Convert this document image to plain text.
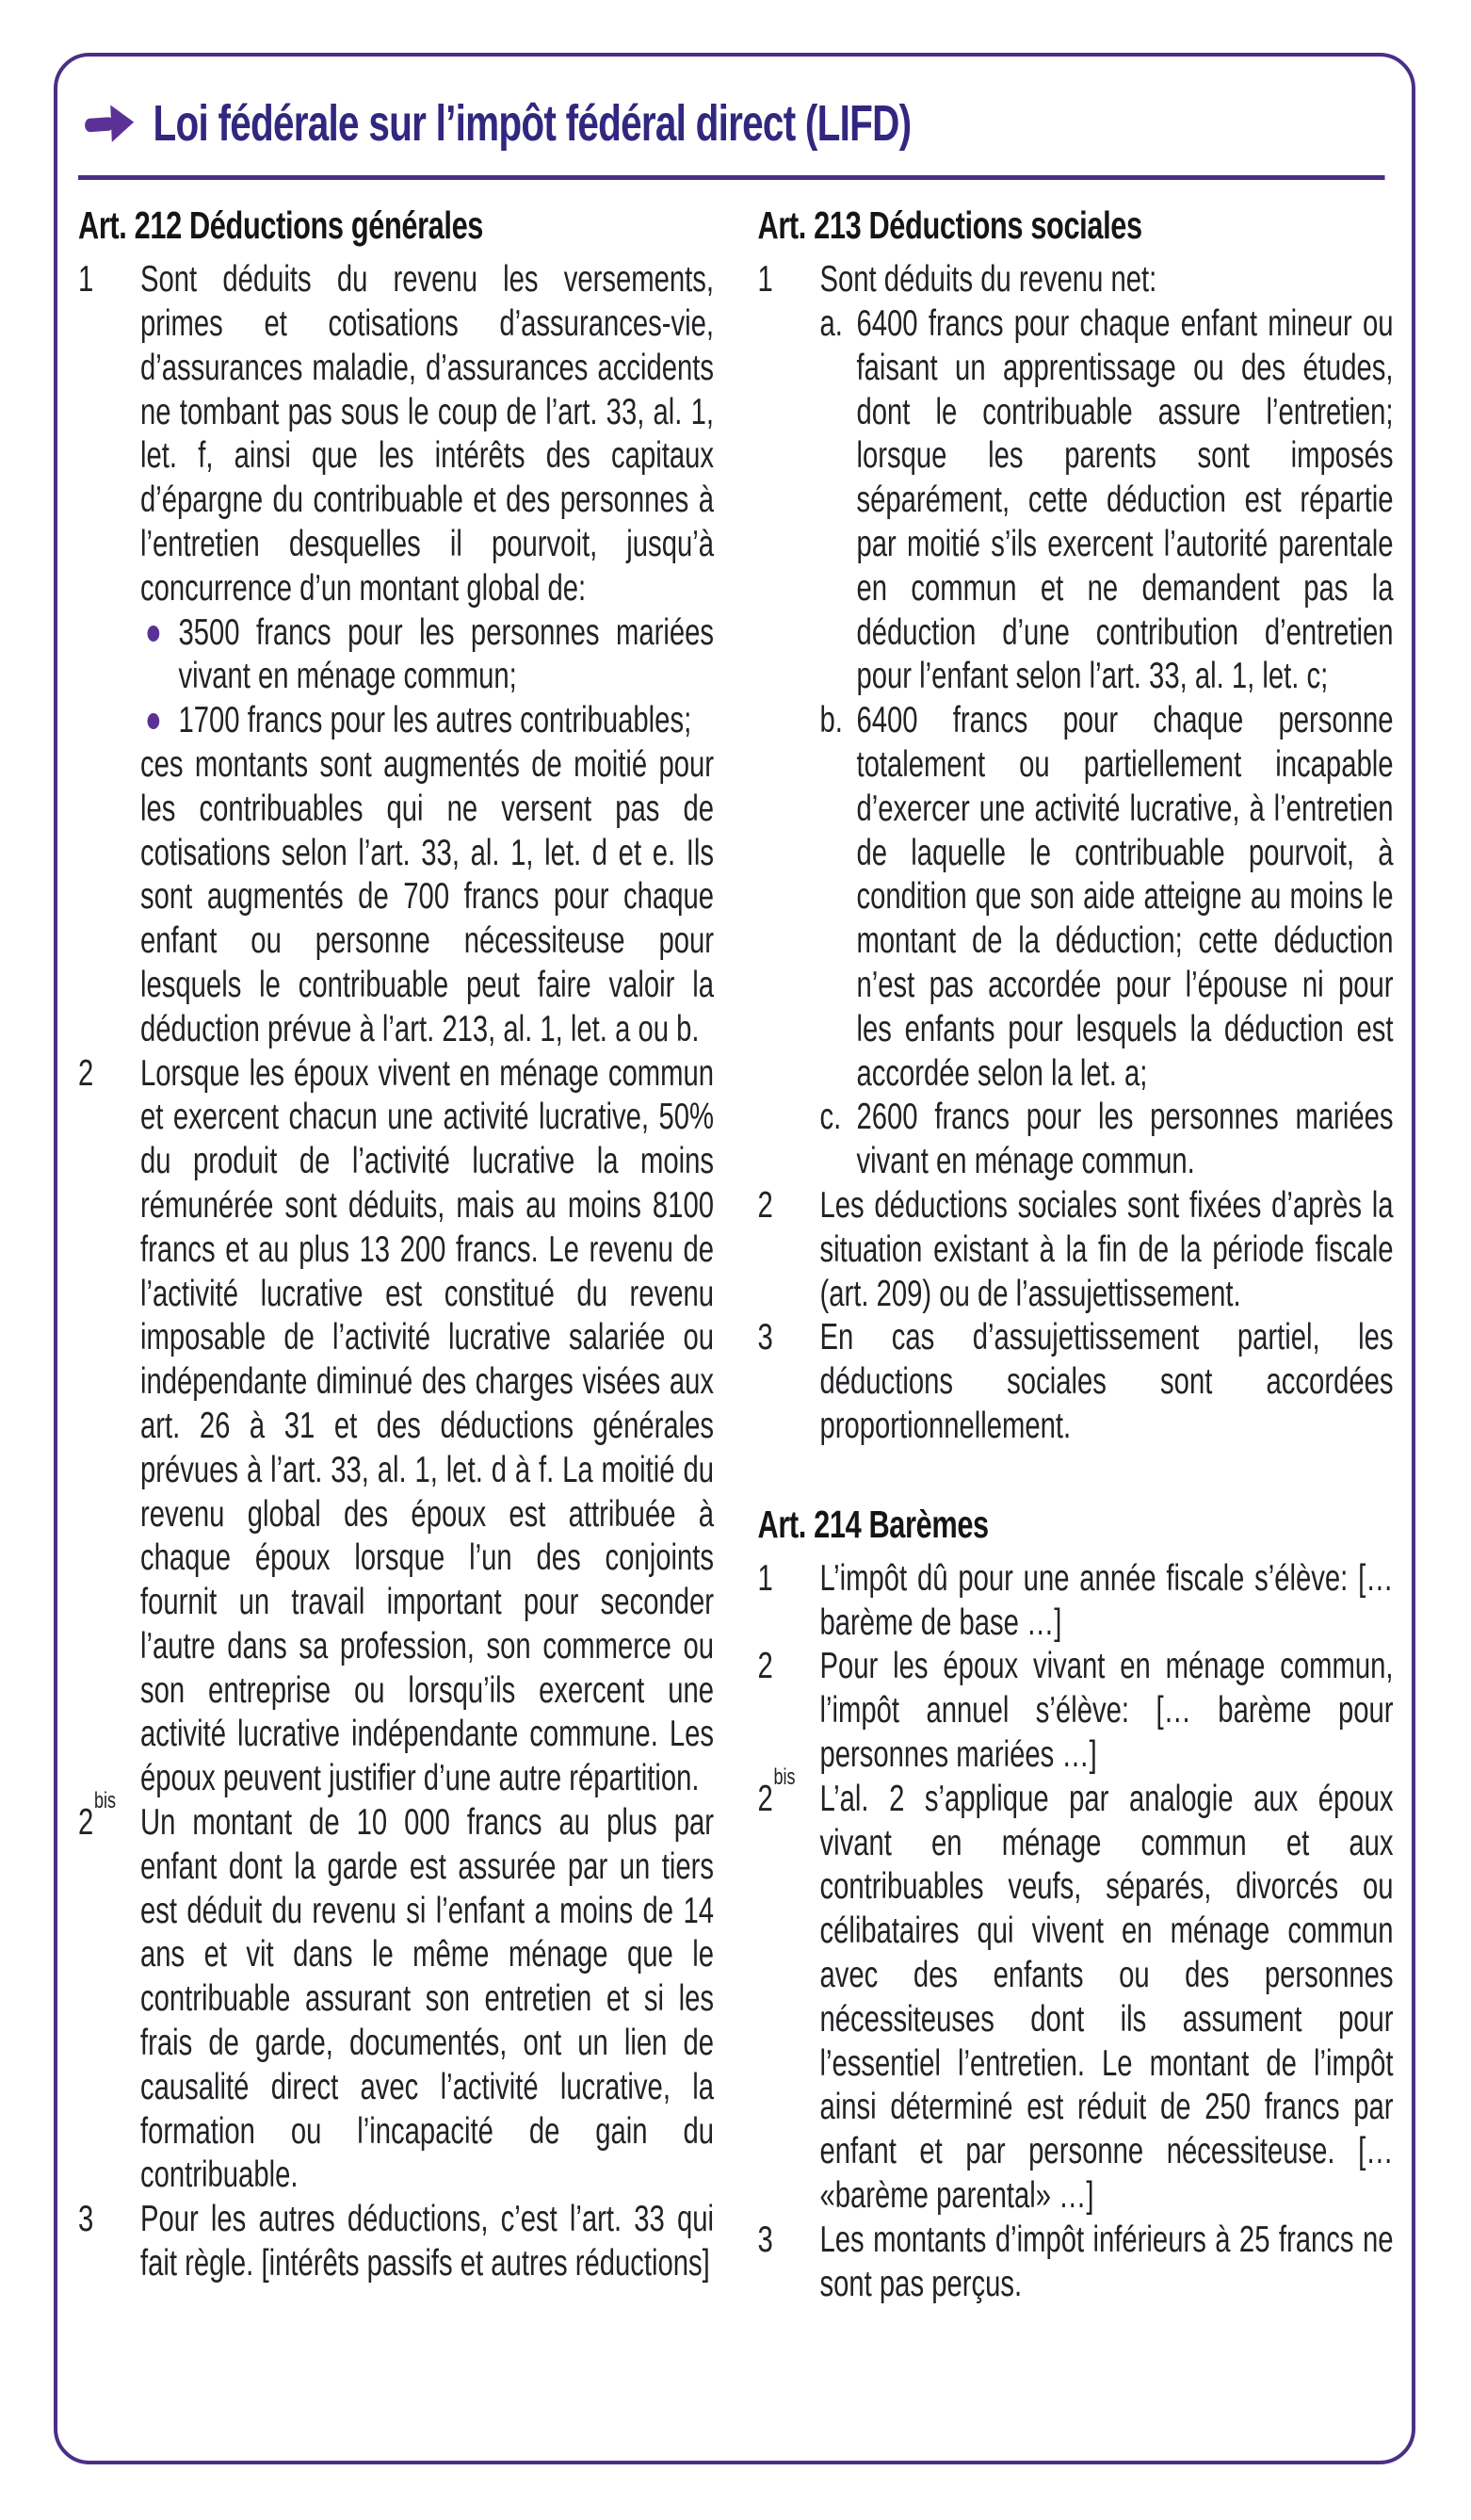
Loi fédérale sur l’impôt fédéral direct (LIFD)
Art. 212 Déductions générales
1	Sont déduits du revenu les versements, primes et cotisations d’assurances-vie, d’assurances maladie, d’assurances accidents ne tombant pas sous le coup de l’art. 33, al. 1, let. f, ainsi que les intérêts des capitaux d’épargne du contribuable et des personnes à l’entretien desquelles il pourvoit, jusqu’à concurrence d’un montant global de:
3500 francs pour les personnes mariées vivant en ménage commun;
1700 francs pour les autres contribuables;
ces montants sont augmentés de moitié pour les contribuables qui ne versent pas de cotisations selon l’art. 33, al. 1, let. d et e. Ils sont augmentés de 700 francs pour chaque enfant ou personne nécessiteuse pour lesquels le contribuable peut faire valoir la déduction prévue à l’art. 213, al. 1, let. a ou b.
2	Lorsque les époux vivent en ménage commun et exercent chacun une activité lucrative, 50% du produit de l’activité lucrative la moins rémunérée sont déduits, mais au moins 8100 francs et au plus 13 200 francs. Le revenu de l’activité lucrative est constitué du revenu imposable de l’activité lucrative salariée ou indépendante diminué des charges visées aux art. 26 à 31 et des déductions générales prévues à l’art. 33, al. 1, let. d à f. La moitié du revenu global des époux est attribuée à chaque époux lorsque l’un des conjoints fournit un travail important pour seconder l’autre dans sa profession, son commerce ou son entreprise ou lorsqu’ils exercent une activité lucrative indépendante commune. Les époux peuvent justifier d’une autre répartition.
$2^{bis}$
Un montant de 10 000 francs au plus par enfant dont la garde est assurée par un tiers est déduit du revenu si l’enfant a moins de 14 ans et vit dans le même ménage que le contribuable assurant son entretien et si les frais de garde, documentés, ont un lien de causalité direct avec l’activité lucrative, la formation ou l’incapacité de gain du contribuable.
3	Pour les autres déductions, c’est l’art. 33 qui fait règle. [intérêts passifs et autres réductions]
Art. 213 Déductions sociales
1	Sont déduits du revenu net:
a. 6400 francs pour chaque enfant mineur ou faisant un apprentissage ou des études, dont le contribuable assure l’entretien; lorsque les parents sont imposés séparément, cette déduction est répartie par moitié s’ils exercent l’autorité parentale en commun et ne demandent pas la déduction d’une contribution d’entretien pour l’enfant selon l’art. 33, al. 1, let. c;
b. 6400 francs pour chaque personne totalement ou partiellement incapable d’exercer une activité lucrative, à l’entretien de laquelle le contribuable pourvoit, à condition que son aide atteigne au moins le montant de la déduction; cette déduction n’est pas accordée pour l’épouse ni pour les enfants pour lesquels la déduction est accordée selon la let. a;
c. 2600 francs pour les personnes mariées vivant en ménage commun.
2	Les déductions sociales sont fixées d’après la situation existant à la fin de la période fiscale (art. 209) ou de l’assujettissement.
3	En cas d’assujettissement partiel, les déductions sociales sont accordées proportionnellement.
Art. 214 Barèmes
1	L’impôt dû pour une année fiscale s’élève: [… barème de base …]
2	Pour les époux vivant en ménage commun, l’impôt annuel s’élève: [… barème pour personnes mariées …]
$2^{bis}$
L’al. 2 s’applique par analogie aux époux vivant en ménage commun et aux contribuables veufs, séparés, divorcés ou célibataires qui vivent en ménage commun avec des enfants ou des personnes nécessiteuses dont ils assument pour l’essentiel l’entretien. Le montant de l’impôt ainsi déterminé est réduit de 250 francs par enfant et par personne nécessiteuse. [… «barème parental» …]
3	Les montants d’impôt inférieurs à 25 francs ne sont pas perçus.
